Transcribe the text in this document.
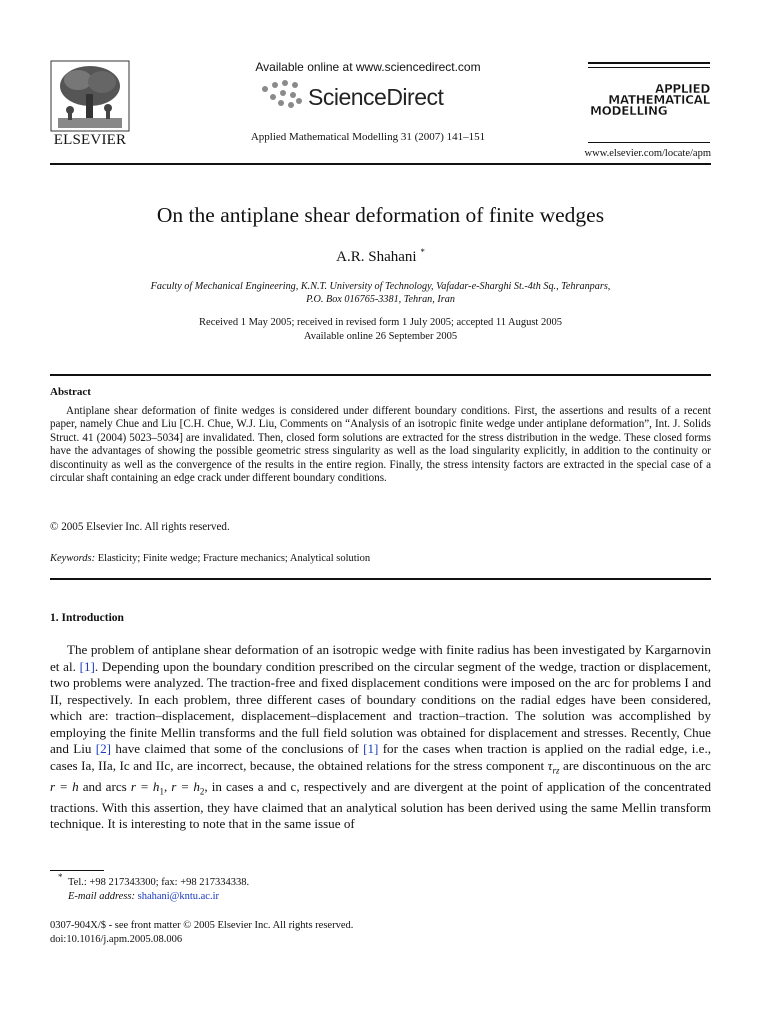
ELSEVIER
Available online at www.sciencedirect.com
ScienceDirect
Applied Mathematical Modelling 31 (2007) 141–151
APPLIED
MATHEMATICAL
MODELLING
www.elsevier.com/locate/apm
On the antiplane shear deformation of finite wedges
A.R. Shahani *
Faculty of Mechanical Engineering, K.N.T. University of Technology, Vafadar-e-Sharghi St.-4th Sq., Tehranpars,
P.O. Box 016765-3381, Tehran, Iran
Received 1 May 2005; received in revised form 1 July 2005; accepted 11 August 2005
Available online 26 September 2005
Abstract
Antiplane shear deformation of finite wedges is considered under different boundary conditions. First, the assertions and results of a recent paper, namely Chue and Liu [C.H. Chue, W.J. Liu, Comments on “Analysis of an isotropic finite wedge under antiplane deformation”, Int. J. Solids Struct. 41 (2004) 5023–5034] are invalidated. Then, closed form solutions are extracted for the stress distribution in the wedge. These closed forms have the advantages of showing the possible geometric stress singularity as well as the load singularity explicitly, in addition to the continuity or discontinuity as well as the convergence of the results in the entire region. Finally, the stress intensity factors are extracted in the special case of a circular shaft containing an edge crack under different boundary conditions.
© 2005 Elsevier Inc. All rights reserved.
Keywords: Elasticity; Finite wedge; Fracture mechanics; Analytical solution
1. Introduction
The problem of antiplane shear deformation of an isotropic wedge with finite radius has been investigated by Kargarnovin et al. [1]. Depending upon the boundary condition prescribed on the circular segment of the wedge, traction or displacement, two problems were analyzed. The traction-free and fixed displacement conditions were imposed on the arc for problems I and II, respectively. In each problem, three different cases of boundary conditions on the radial edges have been considered, which are: traction–displacement, displacement–displacement and traction–traction. The solution was accomplished by employing the finite Mellin transforms and the full field solution was obtained for displacement and stresses. Recently, Chue and Liu [2] have claimed that some of the conclusions of [1] for the cases when traction is applied on the radial edge, i.e., cases Ia, IIa, Ic and IIc, are incorrect, because, the obtained relations for the stress component $\tau_{rz}$ are discontinuous on the arc r = h and arcs $r = h_1$, $r = h_2$, in cases a and c, respectively and are divergent at the point of application of the concentrated tractions. With this assertion, they have claimed that an analytical solution has been derived using the same Mellin transform technique. It is interesting to note that in the same issue of
* Tel.: +98 217343300; fax: +98 217334338.
E-mail address: shahani@kntu.ac.ir
0307-904X/$ - see front matter © 2005 Elsevier Inc. All rights reserved.
doi:10.1016/j.apm.2005.08.006
